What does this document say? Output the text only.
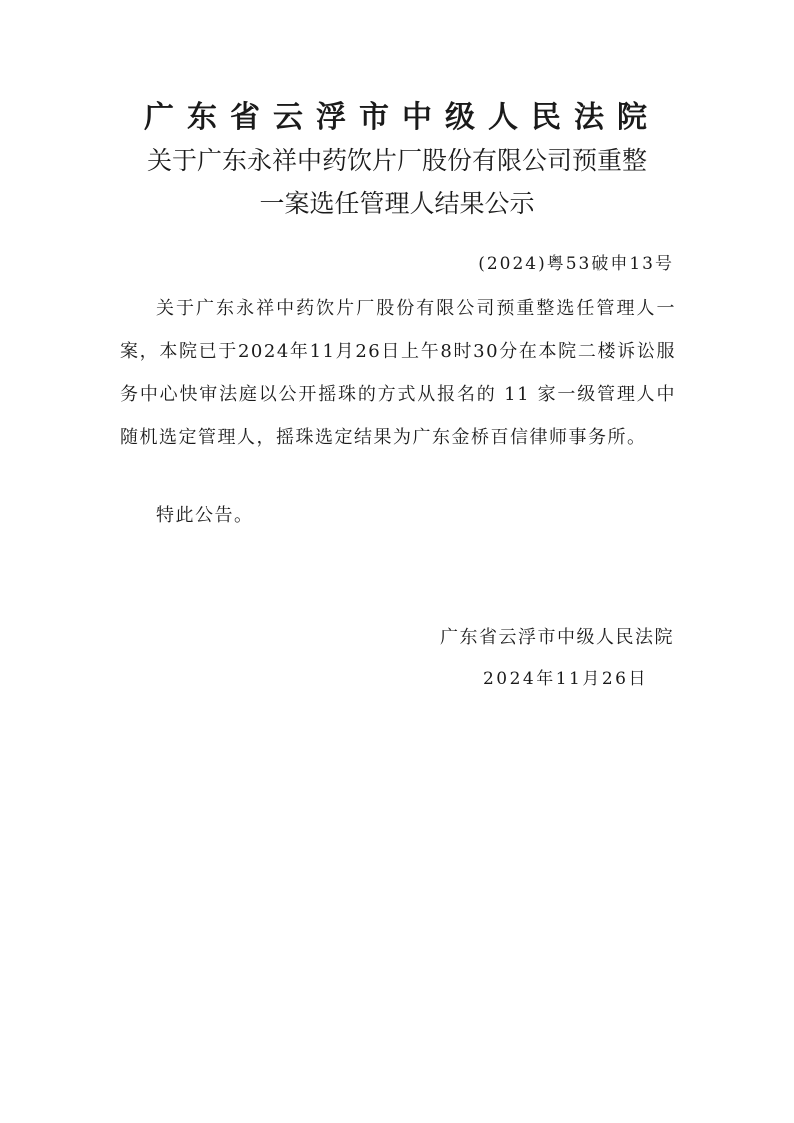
广东省云浮市中级人民法院
关于广东永祥中药饮片厂股份有限公司预重整
一案选任管理人结果公示
(2024)粤53破申13号
关于广东永祥中药饮片厂股份有限公司预重整选任管理人一案，本院已于2024年11月26日上午8时30分在本院二楼诉讼服务中心快审法庭以公开摇珠的方式从报名的 11 家一级管理人中随机选定管理人，摇珠选定结果为广东金桥百信律师事务所。
特此公告。
广东省云浮市中级人民法院
2024年11月26日
